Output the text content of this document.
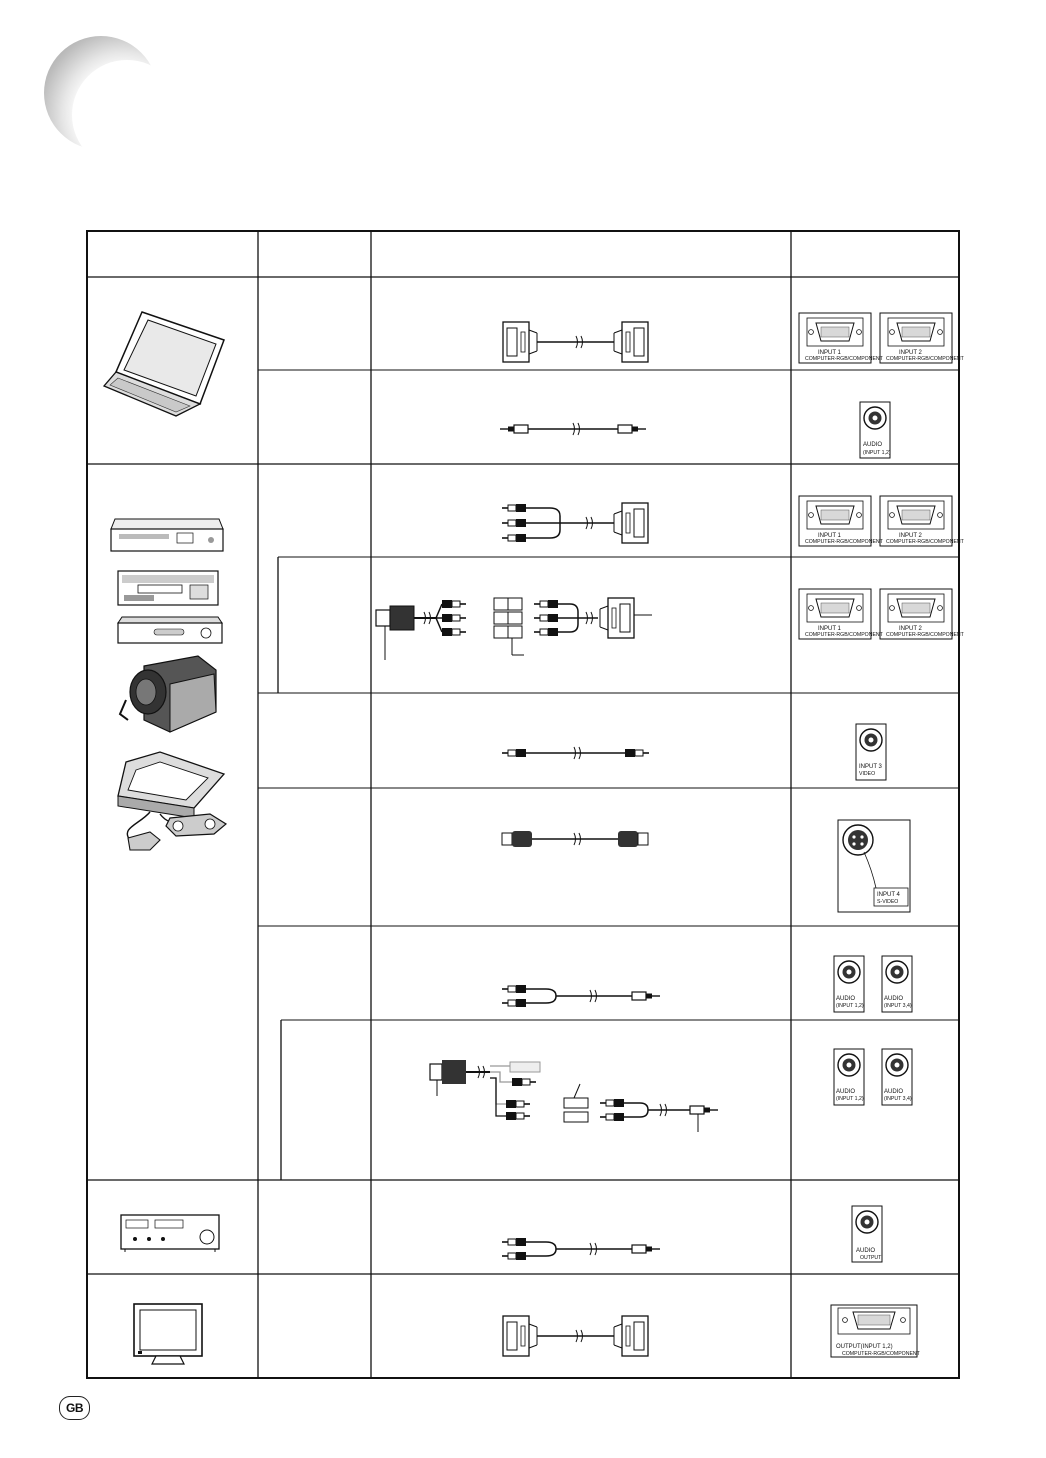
INPUT 1
COMPUTER-RGB/COMPONENT
INPUT 2
COMPUTER-RGB/COMPONENT
AUDIO
(INPUT 1,2)
INPUT 1
COMPUTER-RGB/COMPONENT
INPUT 2
COMPUTER-RGB/COMPONENT
INPUT 1
COMPUTER-RGB/COMPONENT
INPUT 2
COMPUTER-RGB/COMPONENT
INPUT 3
VIDEO
INPUT 4
S-VIDEO
AUDIO
(INPUT 1,2)
AUDIO
(INPUT 3,4)
AUDIO
(INPUT 1,2)
AUDIO
(INPUT 3,4)
AUDIO
OUTPUT
OUTPUT(INPUT 1,2)
COMPUTER-RGB/COMPONENT
GB
